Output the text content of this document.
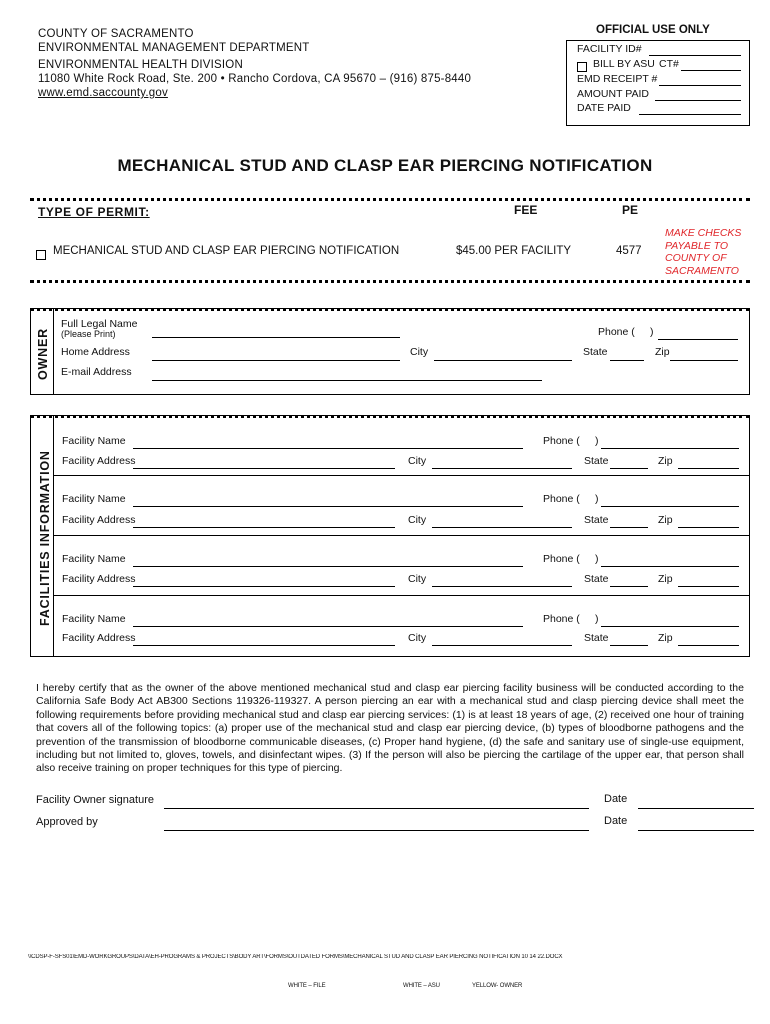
COUNTY OF SACRAMENTO
ENVIRONMENTAL MANAGEMENT DEPARTMENT
ENVIRONMENTAL HEALTH DIVISION
11080 White Rock Road, Ste. 200 • Rancho Cordova, CA 95670 – (916) 875-8440
www.emd.saccounty.gov
OFFICIAL USE ONLY
FACILITY ID#
BILL BY ASU CT#
EMD RECEIPT #
AMOUNT PAID
DATE PAID
MECHANICAL STUD AND CLASP EAR PIERCING NOTIFICATION
TYPE OF PERMIT:	FEE	PE
MECHANICAL STUD AND CLASP EAR PIERCING NOTIFICATION	$45.00 PER FACILITY	4577
MAKE CHECKS
PAYABLE TO
COUNTY OF
SACRAMENTO
OWNER
Full Legal Name
(Please Print)	Phone ( )
Home Address	City	State	Zip
E-mail Address
FACILITIES INFORMATION
Facility Name	Phone ( )
Facility Address	City	State	Zip
Facility Name	Phone ( )
Facility Address	City	State	Zip
Facility Name	Phone ( )
Facility Address	City	State	Zip
Facility Name	Phone ( )
Facility Address	City	State	Zip
I hereby certify that as the owner of the above mentioned mechanical stud and clasp ear piercing facility business will be conducted according to the California Safe Body Act AB300 Sections 119326-119327. A person piercing an ear with a mechanical stud and clasp piercing device shall meet the following requirements before providing mechanical stud and clasp ear piercing services: (1) is at least 18 years of age, (2) received one hour of training that covers all of the following topics: (a) proper use of the mechanical stud and clasp ear piercing device, (b) types of bloodborne pathogens and the prevention of the transmission of bloodborne communicable diseases, (c) Proper hand hygiene, (d) the safe and sanitary use of single-use equipment, including but not limited to, gloves, towels, and disinfectant wipes. (3) If the person will also be piercing the cartilage of the upper ear, that person shall also receive training on proper techniques for this type of piercing.
Facility Owner signature	Date
Approved by	Date
\\CDSP-F-SFS01\EMD-WORKGROUPS\DATA\EH-PROGRAMS & PROJECTS\BODY ART\FORMS\OUTDATED FORMS\MECHANICAL STUD AND CLASP EAR PIERCING NOTIFICATION 10 14 22.DOCX
WHITE – FILE	WHITE – ASU	YELLOW- OWNER
